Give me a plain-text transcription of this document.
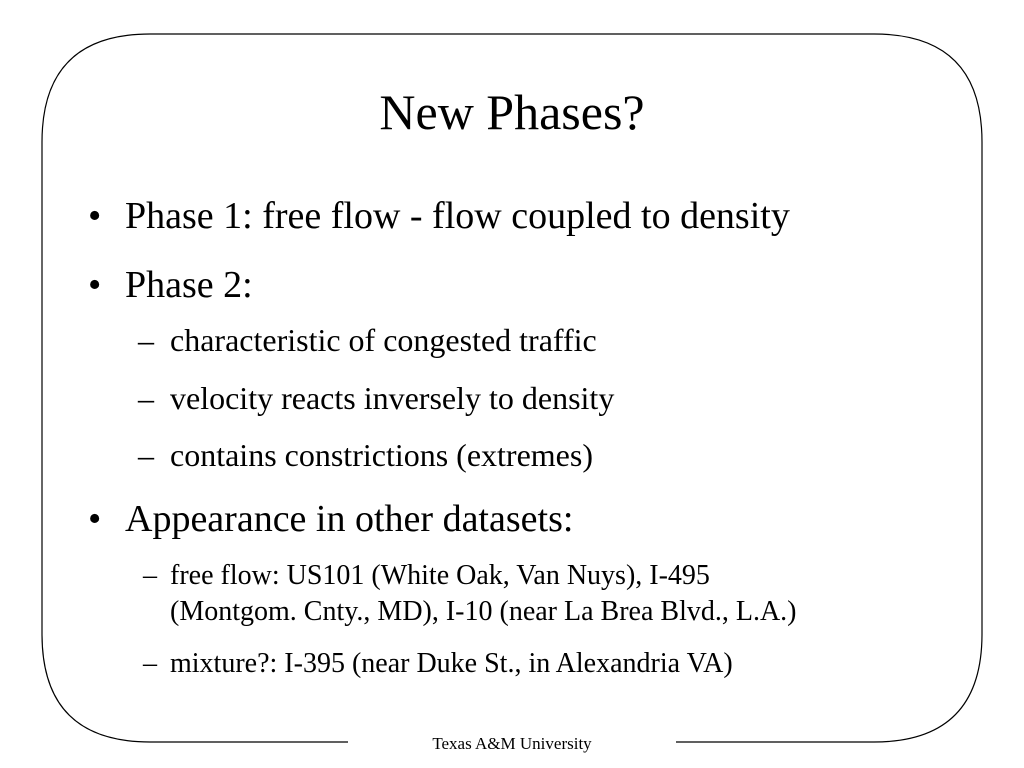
New Phases?
• Phase 1: free flow - flow coupled to density
• Phase 2:
– characteristic of congested traffic
– velocity reacts inversely to density
– contains constrictions (extremes)
• Appearance in other datasets:
– free flow: US101 (White Oak, Van Nuys), I-495
(Montgom. Cnty., MD), I-10 (near La Brea Blvd., L.A.)
– mixture?: I-395 (near Duke St., in Alexandria VA)
Texas A&M University
